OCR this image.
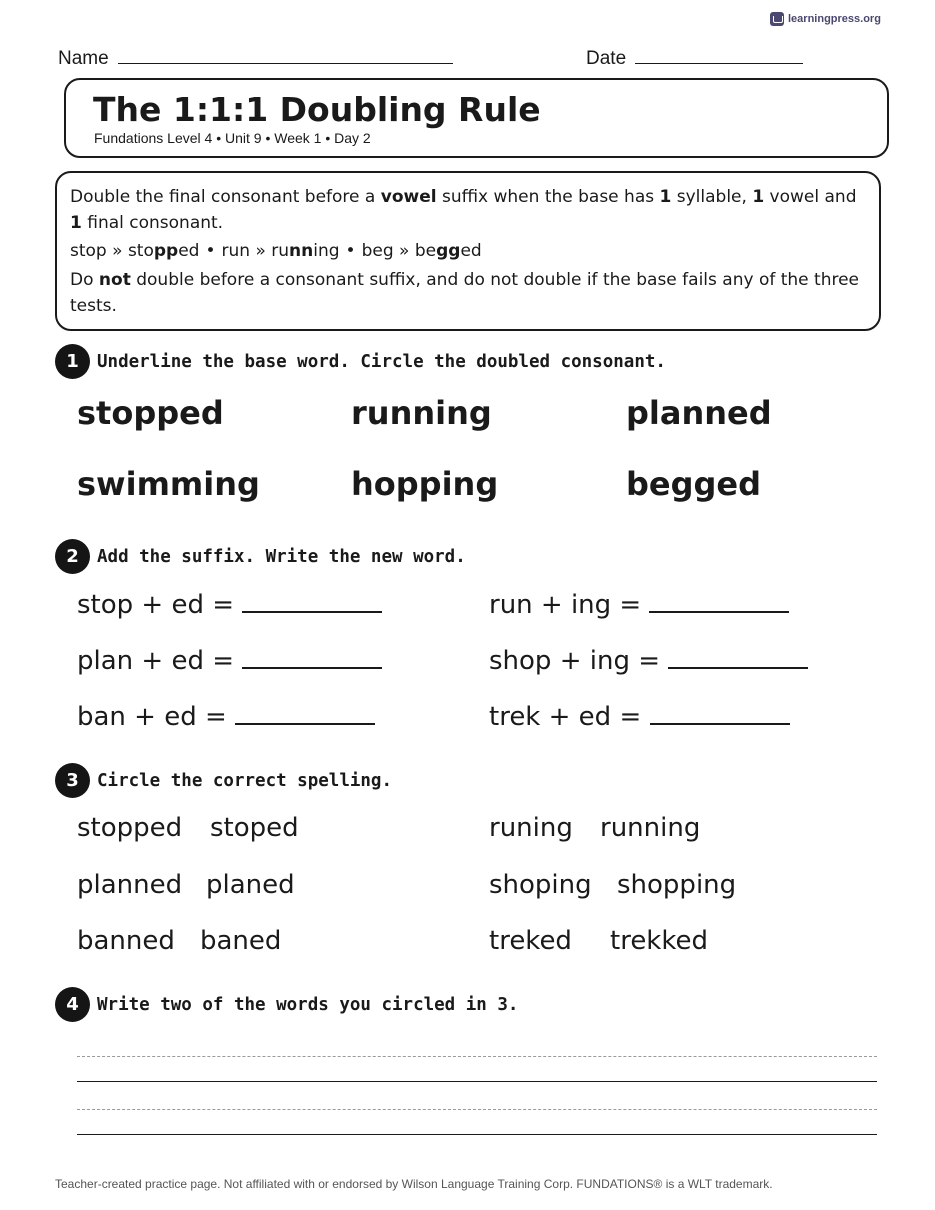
learningpress.org
Name	Date
The 1:1:1 Doubling Rule
Fundations Level 4 • Unit 9 • Week 1 • Day 2

Double the final consonant before a vowel suffix when the base has 1 syllable, 1 vowel and 1 final consonant.

stop » stopped • run » running • beg » begged

Do not double before a consonant suffix, and do not double if the base fails any of the three tests.

1	Underline the base word. Circle the doubled consonant.
stopped	running	planned
swimming	hopping	begged
2	Add the suffix. Write the new word.
stop + ed =	run + ing =
plan + ed =	shop + ing =
ban + ed =	trek + ed =
3	Circle the correct spelling.
stopped stoped	runing running
planned planed	shoping shopping
banned baned	treked trekked
4	Write two of the words you circled in 3.
Teacher-created practice page. Not affiliated with or endorsed by Wilson Language Training Corp. FUNDATIONS® is a WLT trademark.
